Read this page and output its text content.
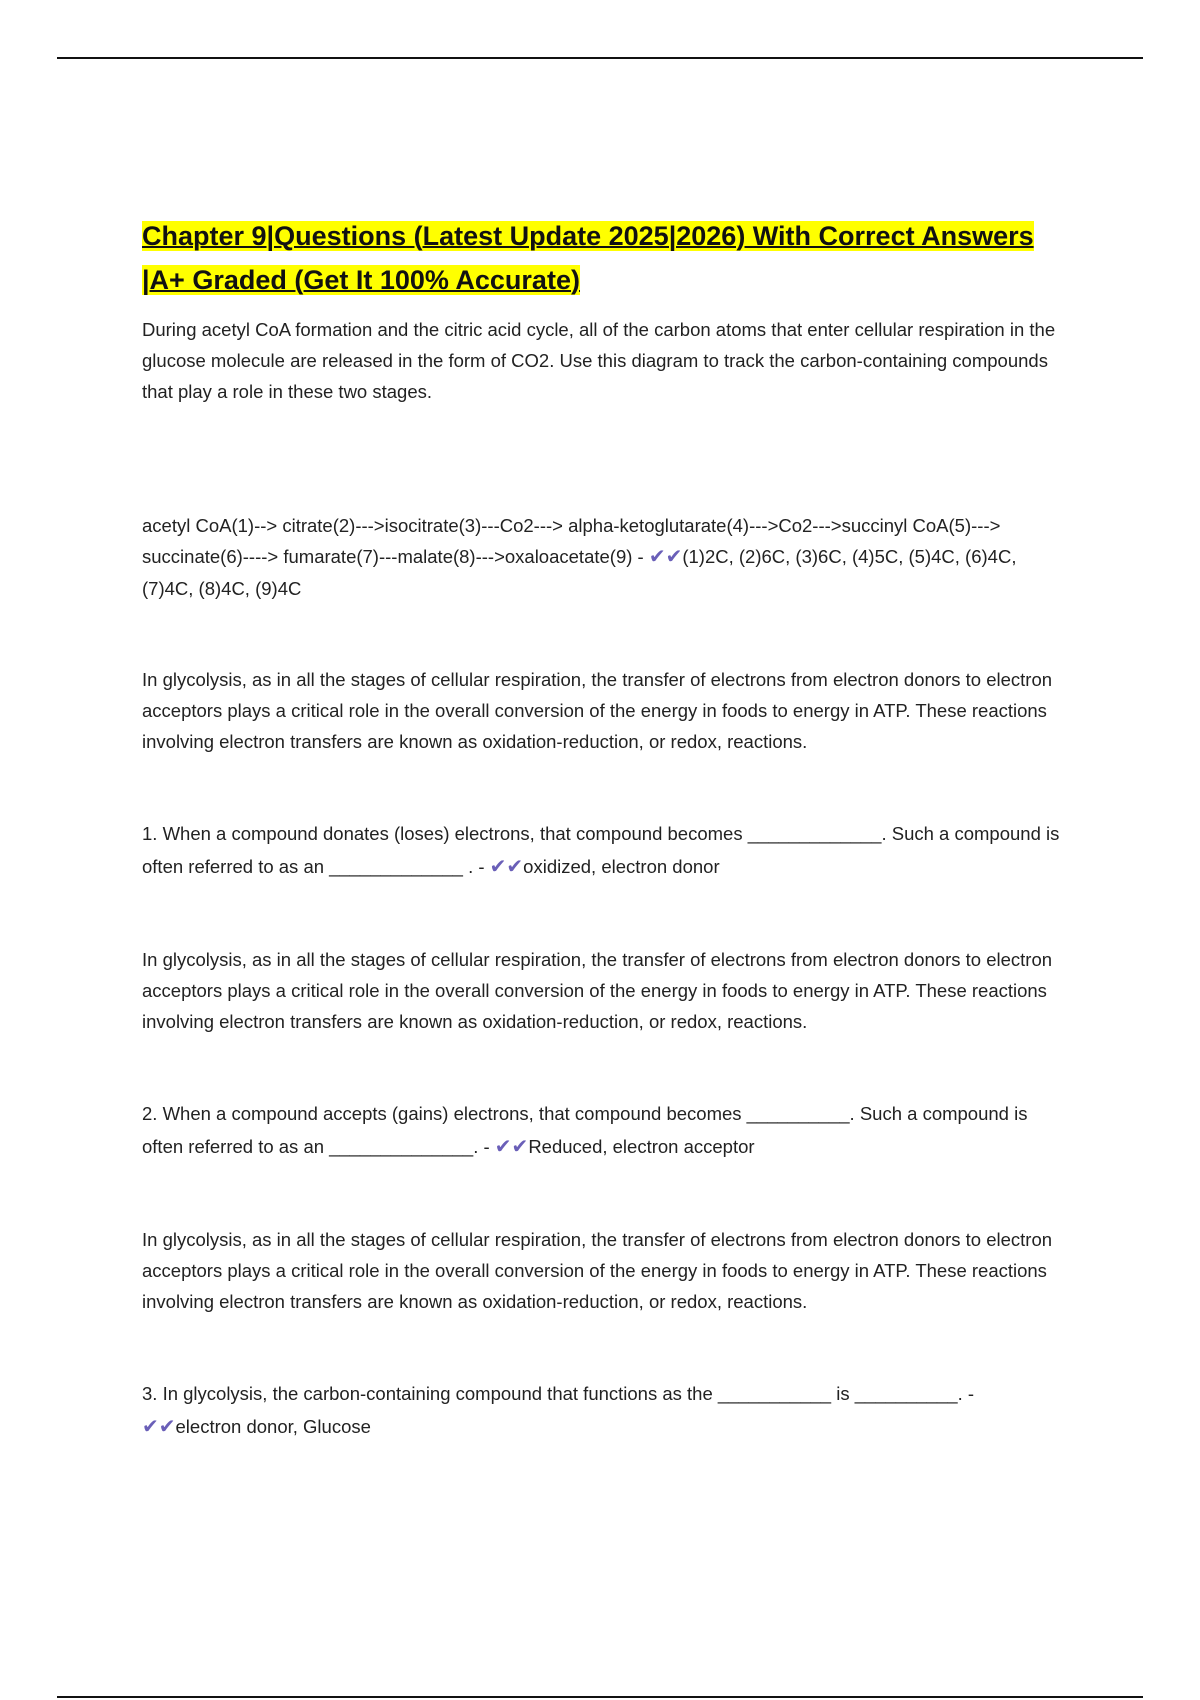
Chapter 9|Questions (Latest Update 2025|2026) With Correct Answers |A+ Graded (Get It 100% Accurate)

During acetyl CoA formation and the citric acid cycle, all of the carbon atoms that enter cellular respiration in the glucose molecule are released in the form of CO2. Use this diagram to track the carbon-containing compounds that play a role in these two stages.

acetyl CoA(1)--> citrate(2)--->isocitrate(3)---Co2---> alpha-ketoglutarate(4)--->Co2--->succinyl CoA(5)---> succinate(6)----> fumarate(7)---malate(8)--->oxaloacetate(9) - ✔✔(1)2C, (2)6C, (3)6C, (4)5C, (5)4C, (6)4C, (7)4C, (8)4C, (9)4C

In glycolysis, as in all the stages of cellular respiration, the transfer of electrons from electron donors to electron acceptors plays a critical role in the overall conversion of the energy in foods to energy in ATP. These reactions involving electron transfers are known as oxidation-reduction, or redox, reactions.

1. When a compound donates (loses) electrons, that compound becomes _____________. Such a compound is often referred to as an _____________ . - ✔✔oxidized, electron donor

In glycolysis, as in all the stages of cellular respiration, the transfer of electrons from electron donors to electron acceptors plays a critical role in the overall conversion of the energy in foods to energy in ATP. These reactions involving electron transfers are known as oxidation-reduction, or redox, reactions.

2. When a compound accepts (gains) electrons, that compound becomes __________. Such a compound is often referred to as an ______________. - ✔✔Reduced, electron acceptor

In glycolysis, as in all the stages of cellular respiration, the transfer of electrons from electron donors to electron acceptors plays a critical role in the overall conversion of the energy in foods to energy in ATP. These reactions involving electron transfers are known as oxidation-reduction, or redox, reactions.

3. In glycolysis, the carbon-containing compound that functions as the ___________ is __________. - ✔✔electron donor, Glucose
